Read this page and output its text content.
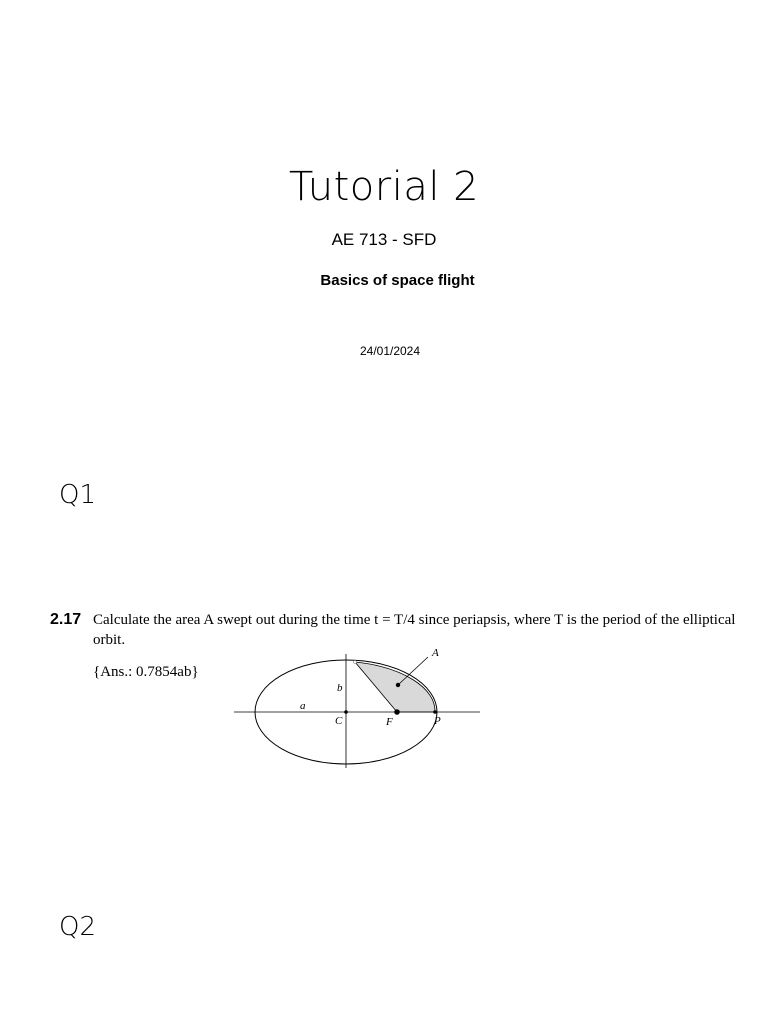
Tutorial 2
AE 713 - SFD
Basics of space flight
24/01/2024
Q1
2.17 Calculate the area A swept out during the time t = T/4 since periapsis, where T is the period of the elliptical orbit.
{Ans.: 0.7854ab}
A
b
a
C	F	P
Q2
